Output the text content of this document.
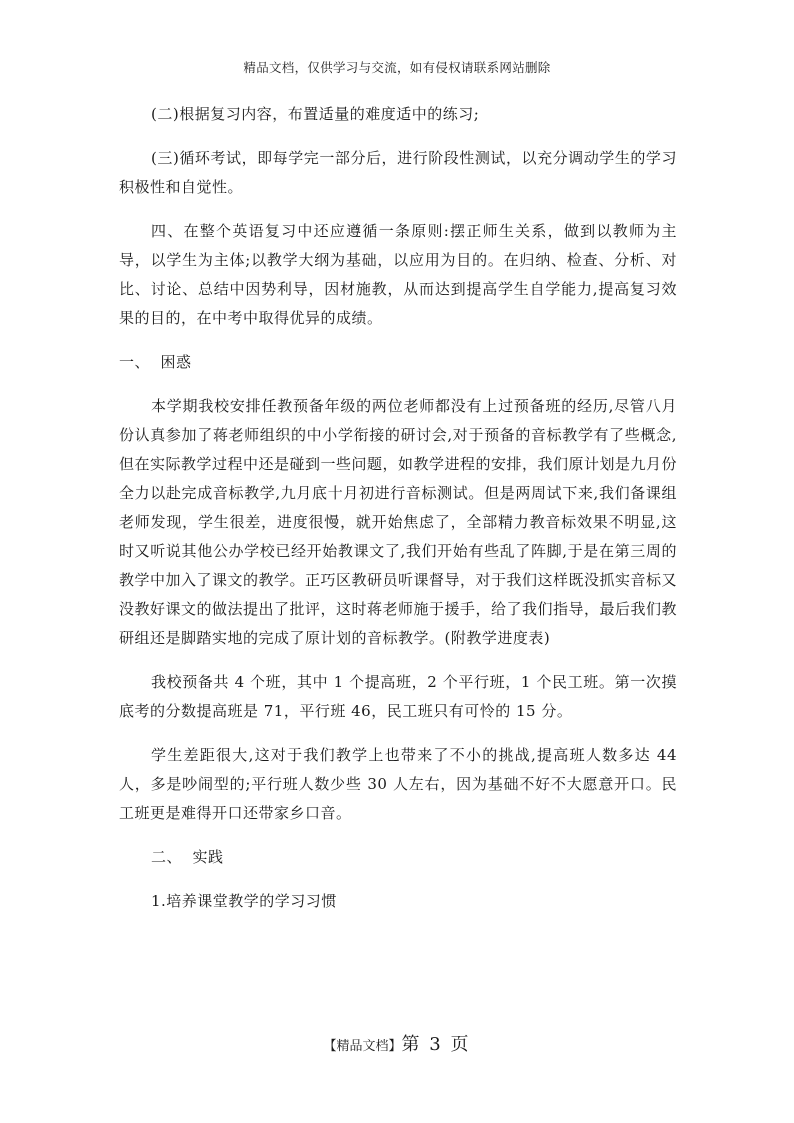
精品文档，仅供学习与交流，如有侵权请联系网站删除

(二)根据复习内容，布置适量的难度适中的练习;

(三)循环考试，即每学完一部分后，进行阶段性测试，以充分调动学生的学习积极性和自觉性。

四、在整个英语复习中还应遵循一条原则:摆正师生关系，做到以教师为主导，以学生为主体;以教学大纲为基础，以应用为目的。在归纳、检查、分析、对比、讨论、总结中因势利导，因材施教，从而达到提高学生自学能力,提高复习效果的目的，在中考中取得优异的成绩。

一、  困惑

本学期我校安排任教预备年级的两位老师都没有上过预备班的经历,尽管八月份认真参加了蒋老师组织的中小学衔接的研讨会,对于预备的音标教学有了些概念,但在实际教学过程中还是碰到一些问题，如教学进程的安排，我们原计划是九月份全力以赴完成音标教学,九月底十月初进行音标测试。但是两周试下来,我们备课组老师发现，学生很差，进度很慢，就开始焦虑了，全部精力教音标效果不明显,这时又听说其他公办学校已经开始教课文了,我们开始有些乱了阵脚,于是在第三周的教学中加入了课文的教学。正巧区教研员听课督导，对于我们这样既没抓实音标又没教好课文的做法提出了批评，这时蒋老师施于援手，给了我们指导，最后我们教研组还是脚踏实地的完成了原计划的音标教学。(附教学进度表)

我校预备共 4 个班，其中 1 个提高班，2 个平行班，1 个民工班。第一次摸底考的分数提高班是 71，平行班 46，民工班只有可怜的 15 分。

学生差距很大,这对于我们教学上也带来了不小的挑战,提高班人数多达 44 人，多是吵闹型的;平行班人数少些 30 人左右，因为基础不好不大愿意开口。民工班更是难得开口还带家乡口音。

二、  实践
1.培养课堂教学的学习习惯
【精品文档】第 3 页
